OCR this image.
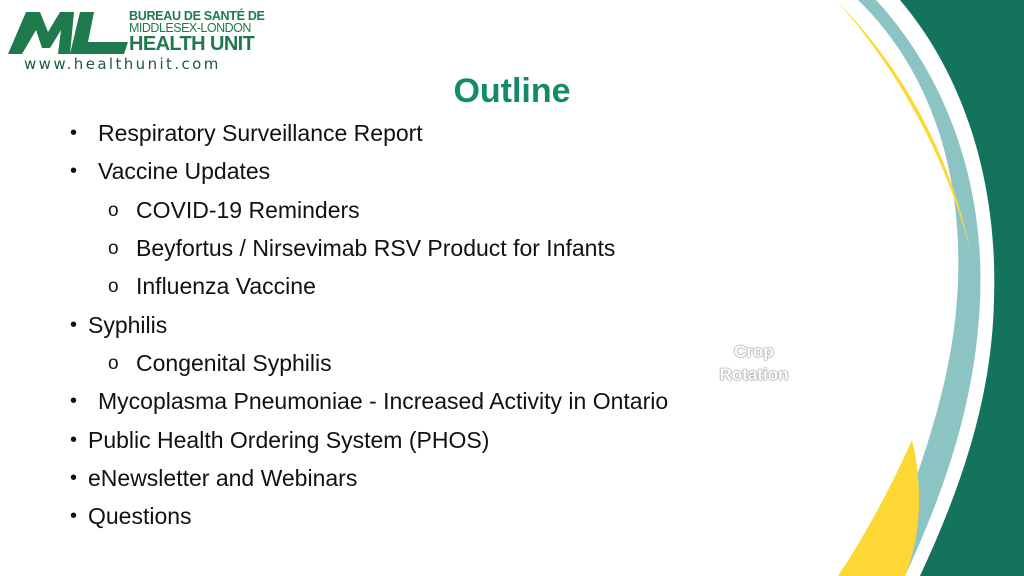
BUREAU DE SANTÉ DE
MIDDLESEX-LONDON
HEALTH UNIT
www.healthunit.com
Outline
• Respiratory Surveillance Report
• Vaccine Updates
o COVID-19 Reminders
o Beyfortus / Nirsevimab RSV Product for Infants
o Influenza Vaccine
• Syphilis
o Congenital Syphilis
• Mycoplasma Pneumoniae - Increased Activity in Ontario
• Public Health Ordering System (PHOS)
• eNewsletter and Webinars
• Questions
Crop
Rotation
